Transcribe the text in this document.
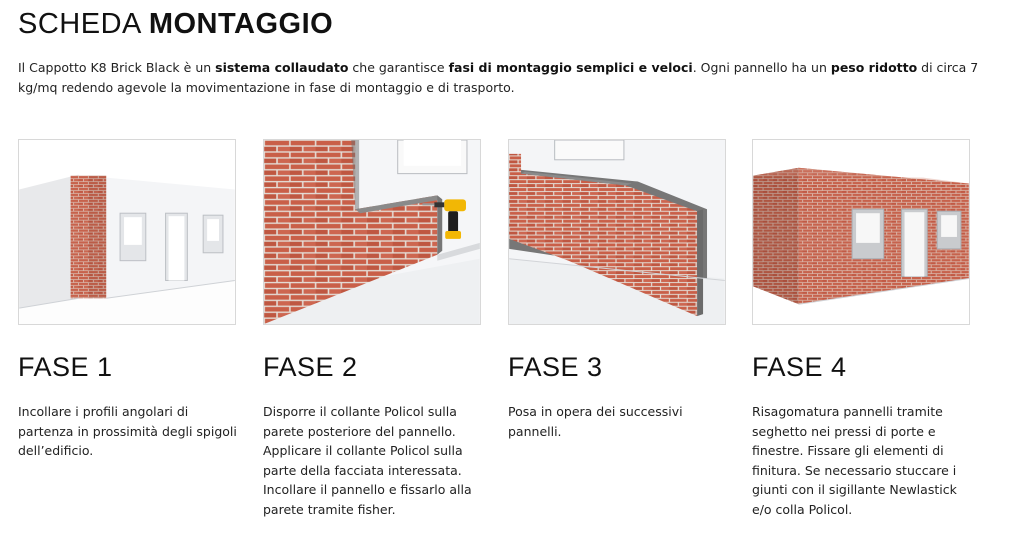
SCHEDA MONTAGGIO

Il Cappotto K8 Brick Black è un sistema collaudato che garantisce fasi di montaggio semplici e veloci. Ogni pannello ha un peso ridotto di circa 7 kg/mq redendo agevole la movimentazione in fase di montaggio e di trasporto.

FASE 1	FASE 2	FASE 3	FASE 4

Incollare i profili angolari di partenza in prossimità degli spigoli dell’edificio.

Disporre il collante Policol sulla parete posteriore del pannello. Applicare il collante Policol sulla parte della facciata interessata. Incollare il pannello e fissarlo alla parete tramite fisher.

Posa in opera dei successivi pannelli.

Risagomatura pannelli tramite seghetto nei pressi di porte e finestre. Fissare gli elementi di finitura. Se necessario stuccare i giunti con il sigillante Newlastick e/o colla Policol.
